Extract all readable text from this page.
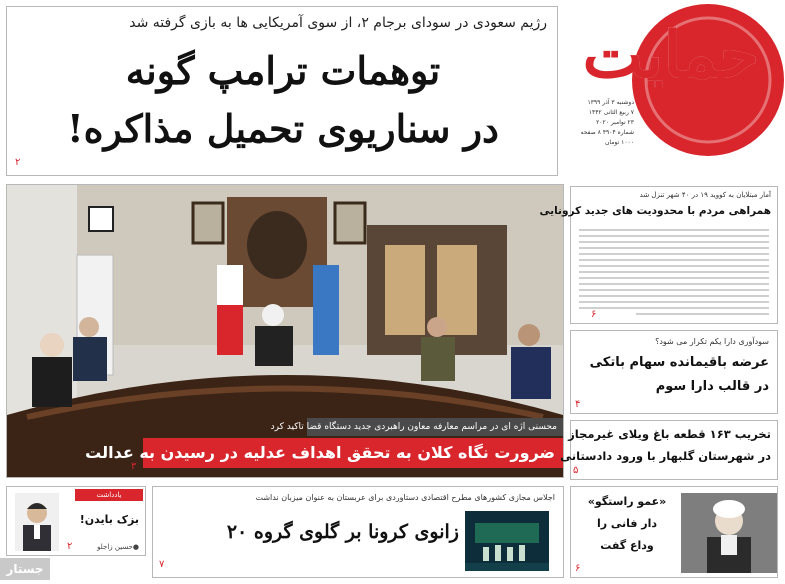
حمایت
دوشنبه ۳ آذر ۱۳۹۹
۷ ربیع الثانی ۱۴۴۲
۲۳ نوامبر ۲۰۲۰
شماره ۴۹۰۴ ۸ صفحه
۱۰۰۰ تومان
رژیم سعودی در سودای برجام ۲، از سوی آمریکایی ها به بازی گرفته شد
توهمات ترامپ گونه
در سناریوی تحمیل مذاکره!
۲
محسنی اژه ای در مراسم معارفه معاون راهبردی جدید دستگاه قضا تاکید کرد
ضرورت نگاه کلان به تحقق اهداف عدلیه در رسیدن به عدالت
۳
آمار مبتلایان به کووید ۱۹ در ۴۰ شهر تنزل شد
همراهی مردم با محدودیت های جدید کرونایی
۶
سودآوری دارا یکم تکرار می شود؟
عرضه باقیمانده سهام باتکی
در قالب دارا سوم
۴
تخریب ۱۶۳ قطعه باغ ویلای غیرمجاز
در شهرستان گلبهار با ورود دادستانی
۵
«عمو راستگو»
دار فانی را
وداع گفت
۶
اجلاس مجازی کشورهای مطرح اقتصادی دستاوردی برای عربستان به عنوان میزبان نداشت
زانوی کرونا بر گلوی گروه ۲۰
۷
یادداشت
بزک بایدن!
●حسین زاجلو
۲
جستار
